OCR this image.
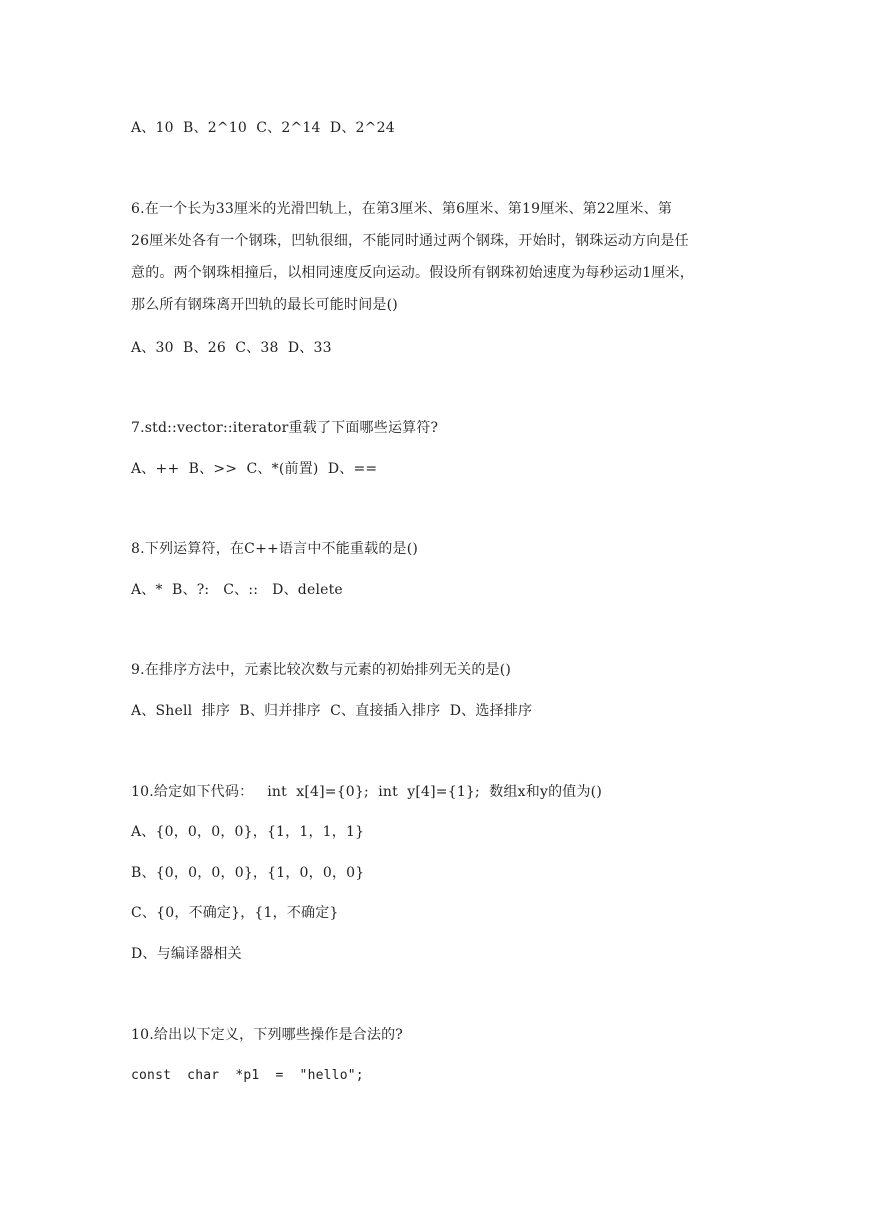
A、10  B、2^10  C、2^14  D、2^24
6.在一个长为33厘米的光滑凹轨上，在第3厘米、第6厘米、第19厘米、第22厘米、第
26厘米处各有一个钢珠，凹轨很细，不能同时通过两个钢珠，开始时，钢珠运动方向是任
意的。两个钢珠相撞后，以相同速度反向运动。假设所有钢珠初始速度为每秒运动1厘米，
那么所有钢珠离开凹轨的最长可能时间是()
A、30  B、26  C、38  D、33
7.std::vector::iterator重载了下面哪些运算符?
A、++  B、>>  C、*(前置)  D、==
8.下列运算符，在C++语言中不能重载的是()
A、*  B、?:   C、::   D、delete
9.在排序方法中，元素比较次数与元素的初始排列无关的是()
A、Shell  排序  B、归并排序  C、直接插入排序  D、选择排序
10.给定如下代码：   int  x[4]={0};  int  y[4]={1};  数组x和y的值为()
A、{0，0，0，0}，{1，1，1，1}
B、{0，0，0，0}，{1，0，0，0}
C、{0，不确定}，{1，不确定}
D、与编译器相关
10.给出以下定义，下列哪些操作是合法的?
const  char  *p1  =  "hello";
